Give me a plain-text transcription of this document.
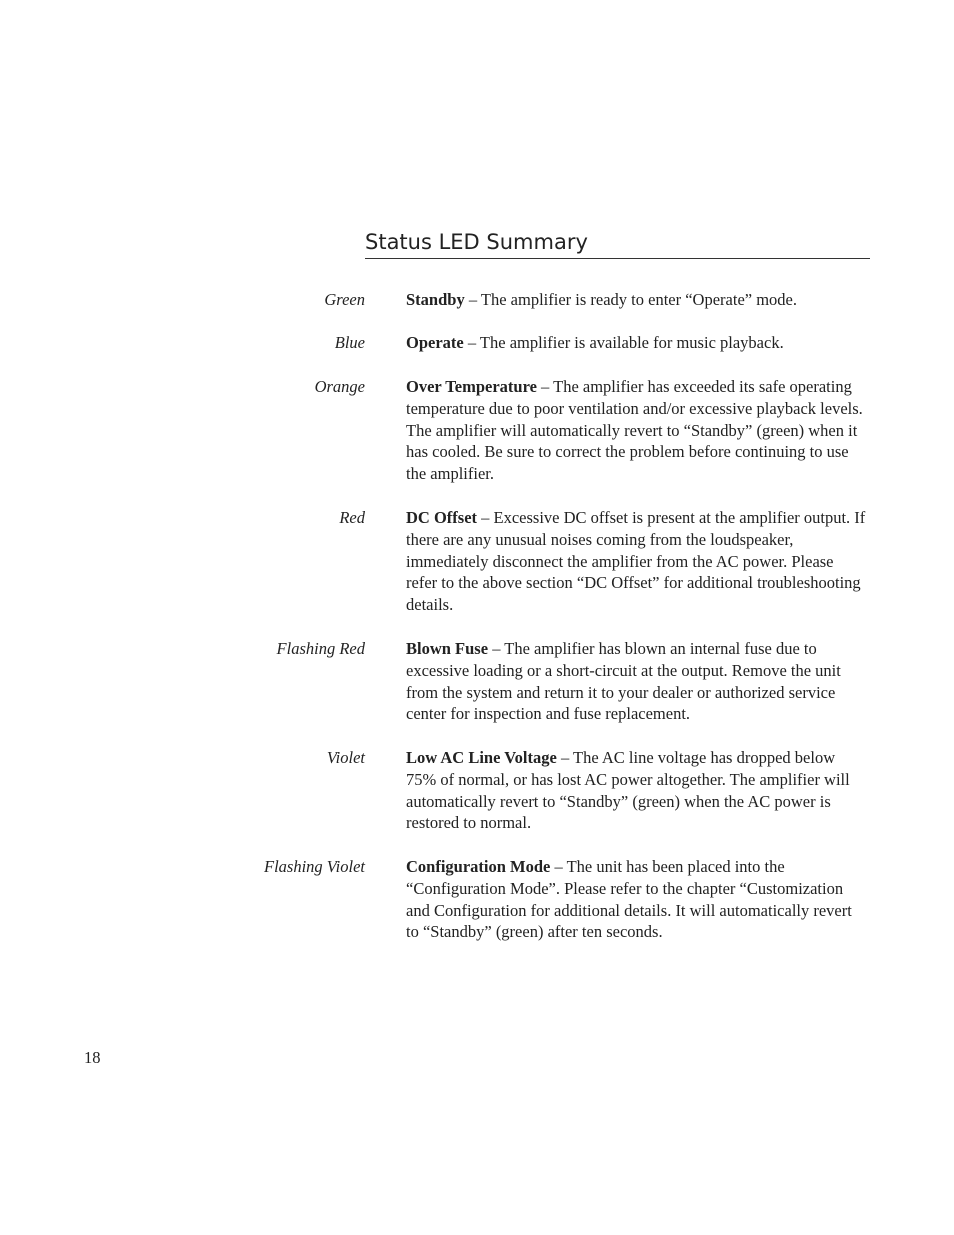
Status LED Summary
Green Standby – The amplifier is ready to enter “Operate” mode.
Blue Operate – The amplifier is available for music playback.
Orange Over Temperature – The amplifier has exceeded its safe operating temperature due to poor ventilation and/or excessive playback levels. The amplifier will automatically revert to “Standby” (green) when it has cooled. Be sure to correct the problem before continuing to use the amplifier.
Red DC Offset – Excessive DC offset is present at the amplifier output. If there are any unusual noises coming from the loudspeaker, immediately disconnect the amplifier from the AC power. Please refer to the above section “DC Offset” for additional troubleshooting details.
Flashing Red Blown Fuse – The amplifier has blown an internal fuse due to excessive loading or a short-circuit at the output. Remove the unit from the system and return it to your dealer or authorized service center for inspection and fuse replacement.
Violet Low AC Line Voltage – The AC line voltage has dropped below 75% of normal, or has lost AC power altogether. The amplifier will automatically revert to “Standby” (green) when the AC power is restored to normal.
Flashing Violet Configuration Mode – The unit has been placed into the “Configuration Mode”. Please refer to the chapter “Customization and Configuration for additional details. It will automatically revert to “Standby” (green) after ten seconds.
18
